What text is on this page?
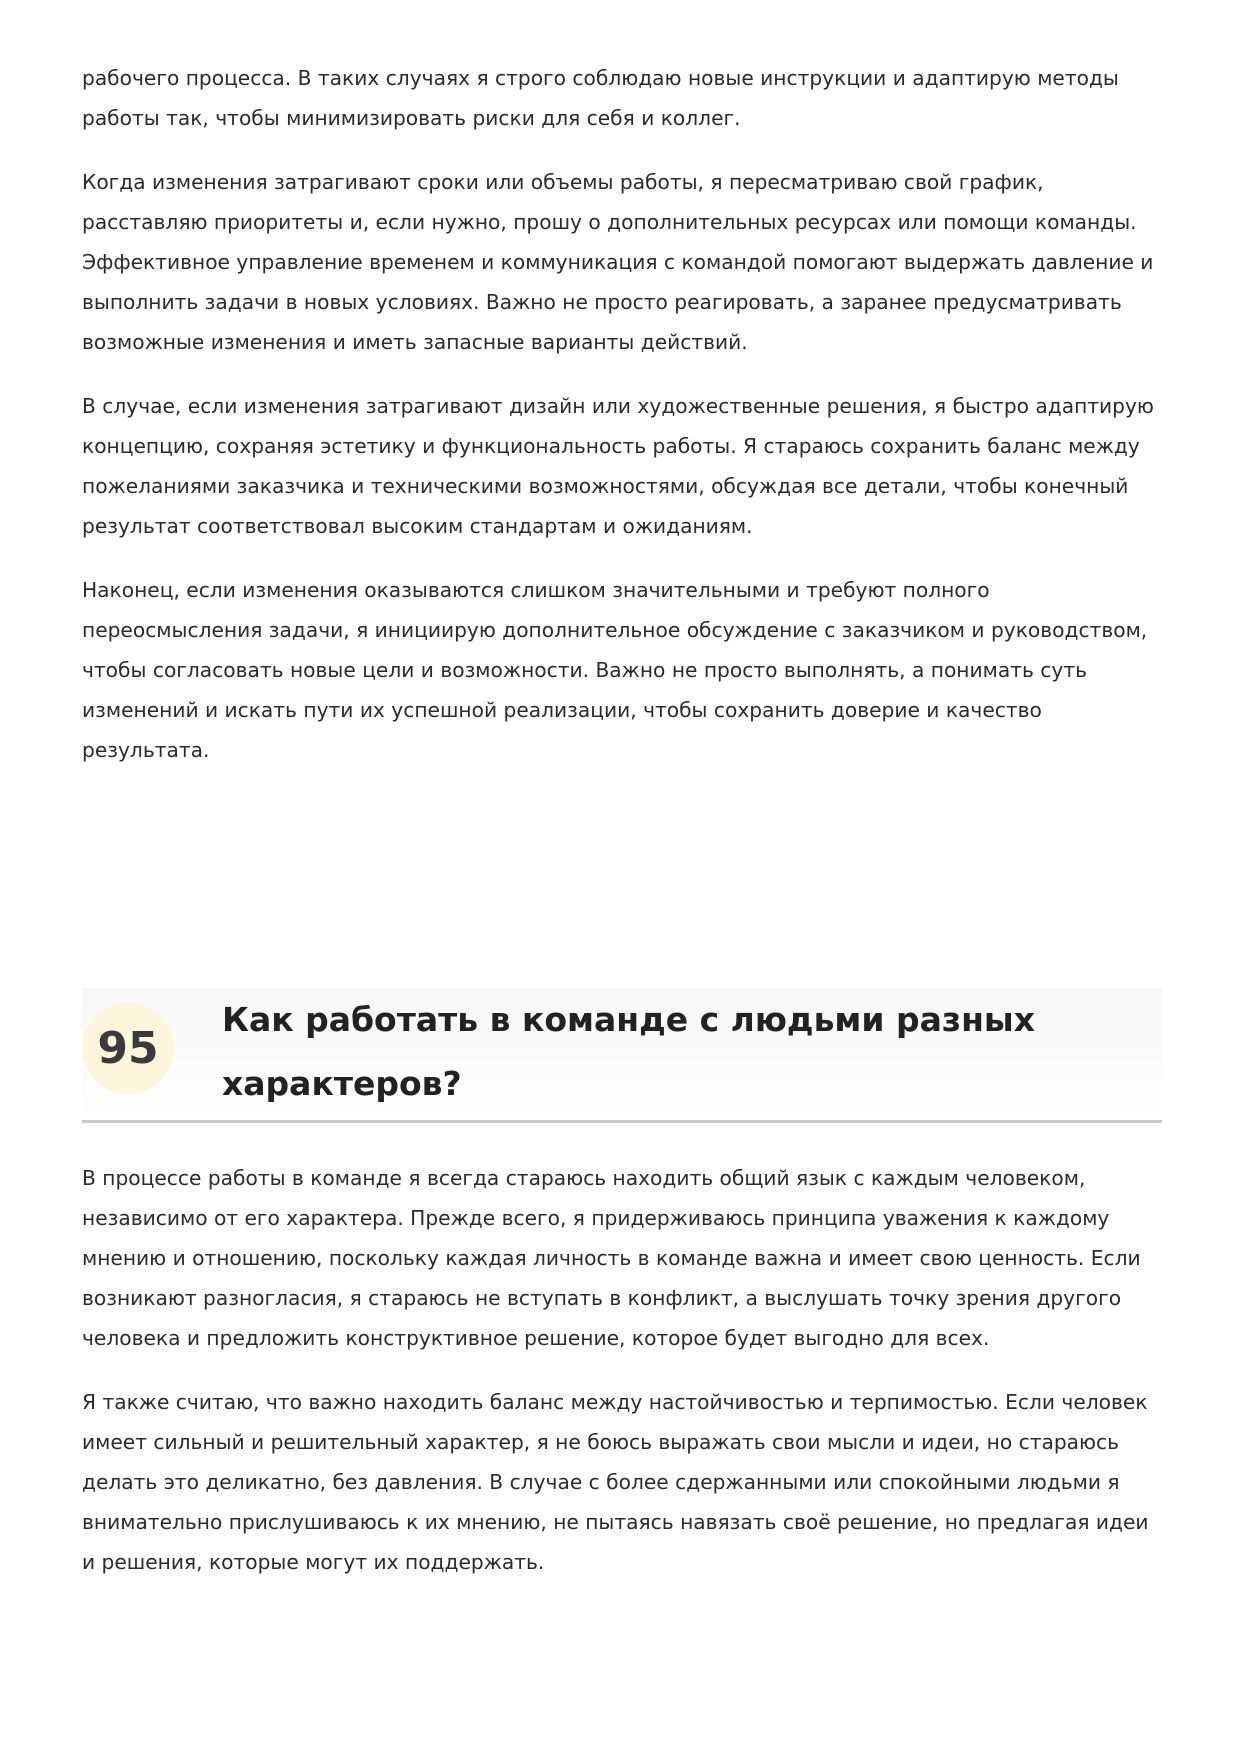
рабочего процесса. В таких случаях я строго соблюдаю новые инструкции и адаптирую методы работы так, чтобы минимизировать риски для себя и коллег.

Когда изменения затрагивают сроки или объемы работы, я пересматриваю свой график, расставляю приоритеты и, если нужно, прошу о дополнительных ресурсах или помощи команды. Эффективное управление временем и коммуникация с командой помогают выдержать давление и выполнить задачи в новых условиях. Важно не просто реагировать, а заранее предусматривать возможные изменения и иметь запасные варианты действий.

В случае, если изменения затрагивают дизайн или художественные решения, я быстро адаптирую концепцию, сохраняя эстетику и функциональность работы. Я стараюсь сохранить баланс между пожеланиями заказчика и техническими возможностями, обсуждая все детали, чтобы конечный результат соответствовал высоким стандартам и ожиданиям.

Наконец, если изменения оказываются слишком значительными и требуют полного переосмысления задачи, я инициирую дополнительное обсуждение с заказчиком и руководством, чтобы согласовать новые цели и возможности. Важно не просто выполнять, а понимать суть изменений и искать пути их успешной реализации, чтобы сохранить доверие и качество результата.

95
Как работать в команде с людьми разных характеров?

В процессе работы в команде я всегда стараюсь находить общий язык с каждым человеком, независимо от его характера. Прежде всего, я придерживаюсь принципа уважения к каждому мнению и отношению, поскольку каждая личность в команде важна и имеет свою ценность. Если возникают разногласия, я стараюсь не вступать в конфликт, а выслушать точку зрения другого человека и предложить конструктивное решение, которое будет выгодно для всех.

Я также считаю, что важно находить баланс между настойчивостью и терпимостью. Если человек имеет сильный и решительный характер, я не боюсь выражать свои мысли и идеи, но стараюсь делать это деликатно, без давления. В случае с более сдержанными или спокойными людьми я внимательно прислушиваюсь к их мнению, не пытаясь навязать своё решение, но предлагая идеи и решения, которые могут их поддержать.
